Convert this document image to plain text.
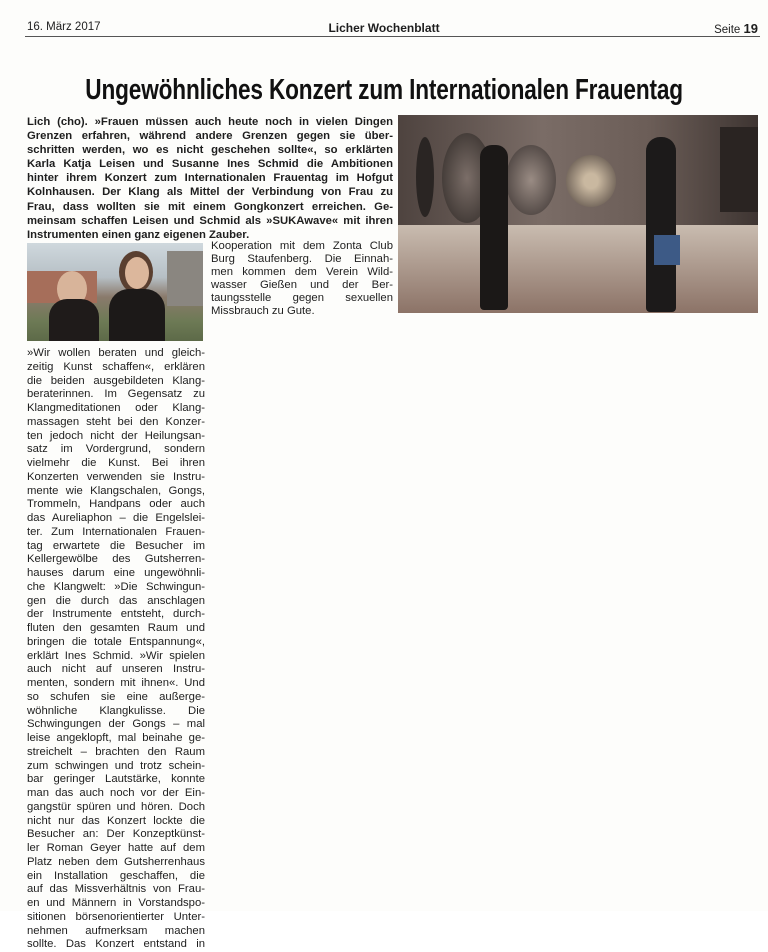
16. März 2017	Licher Wochenblatt	Seite 19
Ungewöhnliches Konzert zum Internationalen Frauentag
Lich (cho). »Frauen müssen auch heute noch in vielen Dingen
Grenzen erfahren, während andere Grenzen gegen sie über-
schritten werden, wo es nicht geschehen sollte«, so erklärten
Karla Katja Leisen und Susanne Ines Schmid die Ambitionen
hinter ihrem Konzert zum Internationalen Frauentag im Hofgut
Kolnhausen. Der Klang als Mittel der Verbindung von Frau zu
Frau, dass wollten sie mit einem Gongkonzert erreichen. Ge-
meinsam schaffen Leisen und Schmid als »SUKAwave« mit ihren
Instrumenten einen ganz eigenen Zauber.
Kooperation mit dem Zonta Club
Burg Staufenberg. Die Einnah-
men kommen dem Verein Wild-
wasser Gießen und der Ber-
taungsstelle gegen sexuellen
Missbrauch zu Gute.
»Wir wollen beraten und gleich-
zeitig Kunst schaffen«, erklären
die beiden ausgebildeten Klang-
beraterinnen. Im Gegensatz zu
Klangmeditationen oder Klang-
massagen steht bei den Konzer-
ten jedoch nicht der Heilungsan-
satz im Vordergrund, sondern
vielmehr die Kunst. Bei ihren
Konzerten verwenden sie Instru-
mente wie Klangschalen, Gongs,
Trommeln, Handpans oder auch
das Aureliaphon – die Engelslei-
ter. Zum Internationalen Frauen-
tag erwartete die Besucher im
Kellergewölbe des Gutsherren-
hauses darum eine ungewöhnli-
che Klangwelt: »Die Schwingun-
gen die durch das anschlagen
der Instrumente entsteht, durch-
fluten den gesamten Raum und
bringen die totale Entspannung«,
erklärt Ines Schmid. »Wir spielen
auch nicht auf unseren Instru-
menten, sondern mit ihnen«. Und
so schufen sie eine außerge-
wöhnliche Klangkulisse. Die
Schwingungen der Gongs – mal
leise angeklopft, mal beinahe ge-
streichelt – brachten den Raum
zum schwingen und trotz schein-
bar geringer Lautstärke, konnte
man das auch noch vor der Ein-
gangstür spüren und hören. Doch
nicht nur das Konzert lockte die
Besucher an: Der Konzeptkünst-
ler Roman Geyer hatte auf dem
Platz neben dem Gutsherrenhaus
ein Installation geschaffen, die
auf das Missverhältnis von Frau-
en und Männern in Vorstandspo-
sitionen börsenorientierter Unter-
nehmen aufmerksam machen
sollte. Das Konzert entstand in
